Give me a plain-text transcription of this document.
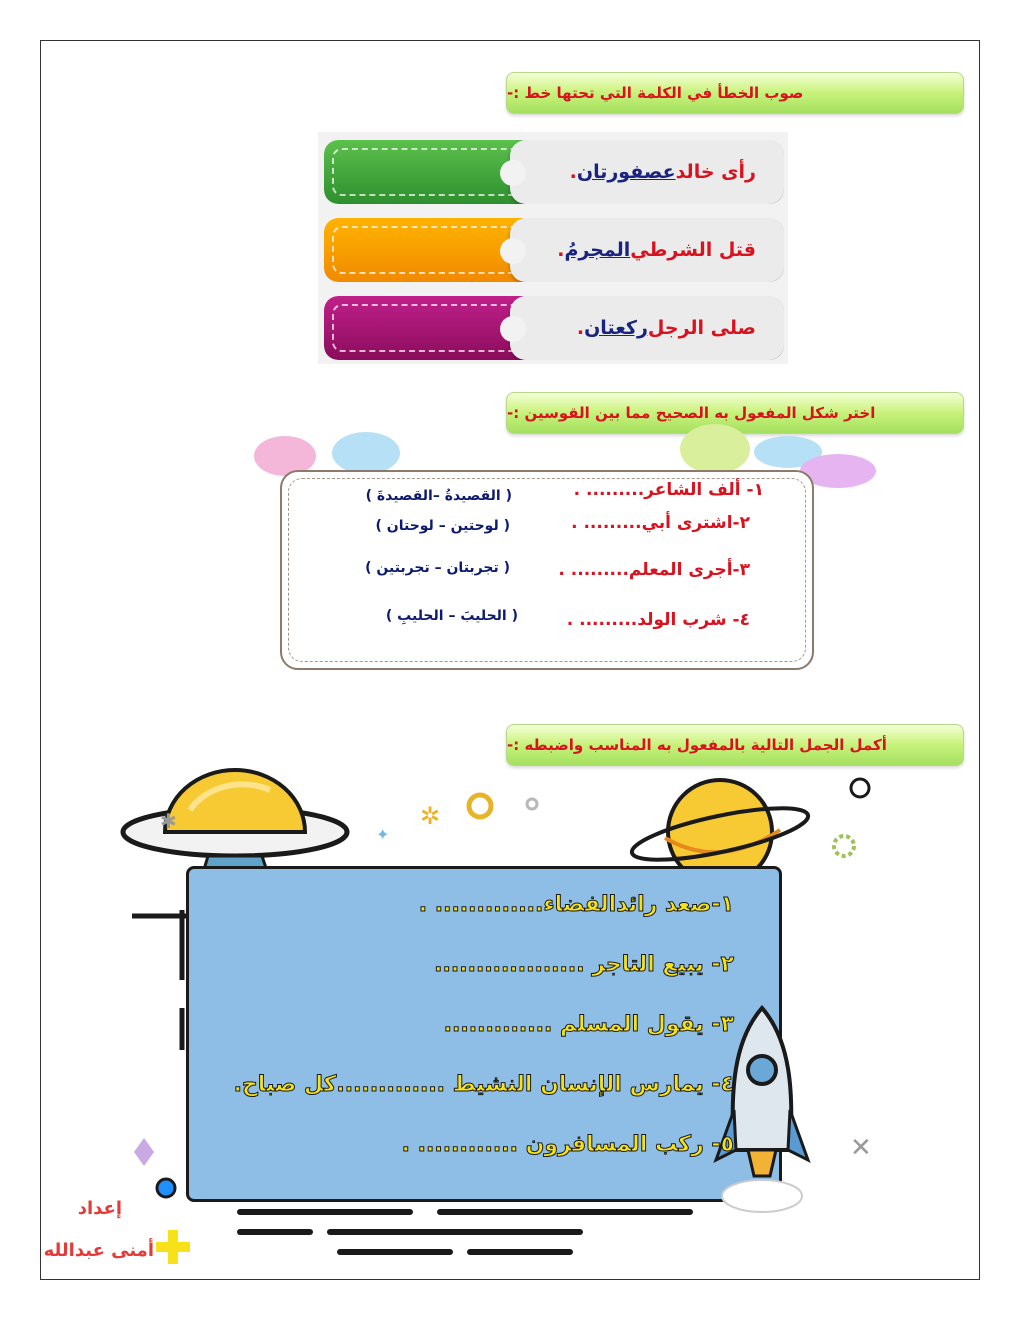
صوب الخطأ في الكلمة التي تحتها خط :-
رأى خالد
عصفورتان
.
قتل الشرطي
المجرمُ
.
صلى الرجل
ركعتان
.
اختر شكل المفعول به الصحيح مما بين القوسين :-
١- ألف الشاعر......... .
( القصيدةُ –القصيدةَ )
٢-اشترى أبي......... .
( لوحتين – لوحتان )
٣-أجرى المعلم......... .
( تجربتان – تجربتين )
٤- شرب الولد......... .
( الحليبَ – الحليبِ )
أكمل الجمل التالية بالمفعول به المناسب واضبطه :-
✲
✦
✱
✕
١-صعد رائدالفضاء............. .
٢- يبيع التاجر ..................
٣- يقول المسلم .............
٤- يمارس الإنسان النشيط .............كل صباح.
٥- ركب المسافرون ............ .
إعداد
أمنى عبدالله
